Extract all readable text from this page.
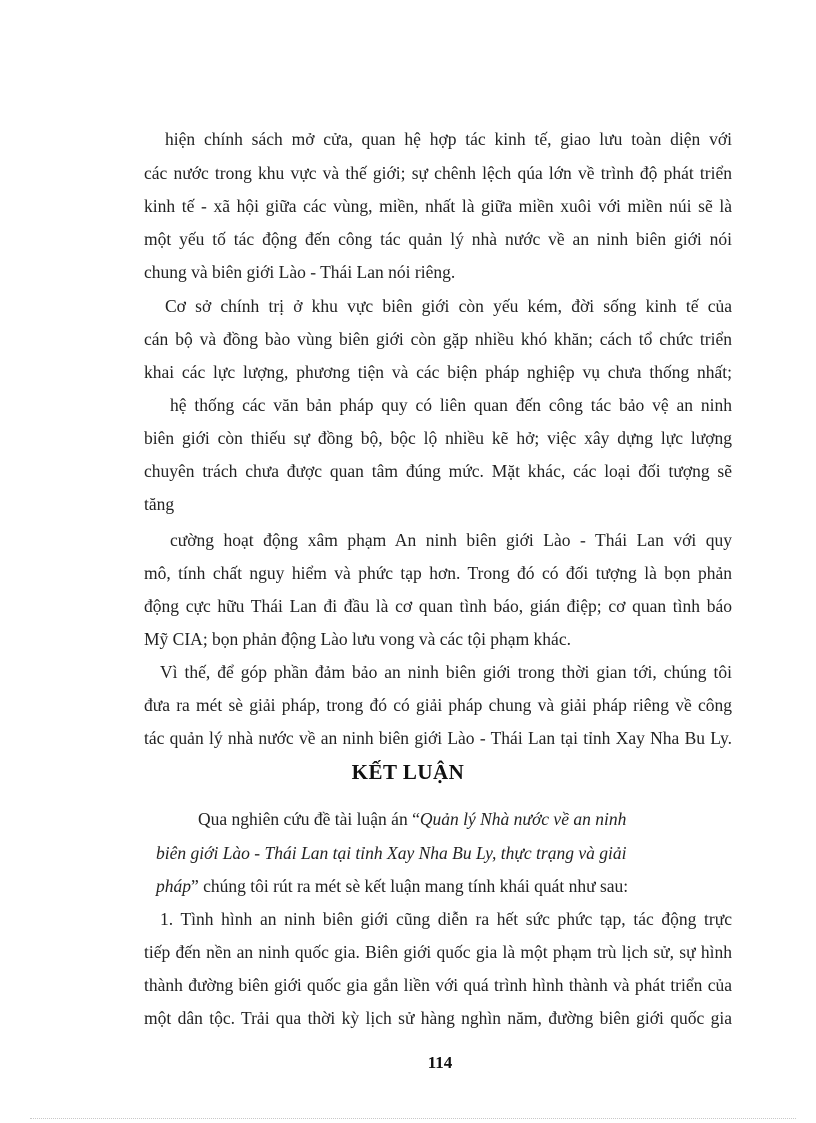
hiện chính sách mở cửa, quan hệ hợp tác kinh tế, giao lưu toàn diện với
các nước trong khu vực và thế giới; sự chênh lệch qúa lớn về trình độ phát triển
kinh tế - xã hội giữa các vùng, miền, nhất là giữa miền xuôi với miền núi sẽ là
một yếu tố tác động đến công tác quản lý nhà nước về an ninh biên giới nói
chung và biên giới Lào - Thái Lan nói riêng.
Cơ sở chính trị ở khu vực biên giới còn yếu kém, đời sống kinh tế của
cán bộ và đồng bào vùng biên giới còn gặp nhiều khó khăn; cách tổ chức triển
khai các lực lượng, phương tiện và các biện pháp nghiệp vụ chưa thống nhất;
hệ thống các văn bản pháp quy có liên quan đến công tác bảo vệ an ninh
biên giới còn thiếu sự đồng bộ, bộc lộ nhiều kẽ hở; việc xây dựng lực lượng
chuyên trách chưa được quan tâm đúng mức. Mặt khác, các loại đối tượng sẽ
tăng
cường hoạt động xâm phạm An ninh biên giới Lào - Thái Lan với quy
mô, tính chất nguy hiểm và phức tạp hơn. Trong đó có đối tượng là bọn phản
động cực hữu Thái Lan đi đầu là cơ quan tình báo, gián điệp; cơ quan tình báo
Mỹ CIA; bọn phản động Lào lưu vong và các tội phạm khác.
Vì thế, để góp phần đảm bảo an ninh biên giới trong thời gian tới, chúng tôi
đưa ra mét sè giải pháp, trong đó có giải pháp chung và giải pháp riêng về công
tác quản lý nhà nước về an ninh biên giới Lào - Thái Lan tại tỉnh Xay Nha Bu Ly.
KẾT LUẬN
Qua nghiên cứu đề tài luận án “Quản lý Nhà nước về an ninh
biên giới Lào - Thái Lan tại tỉnh Xay Nha Bu Ly, thực trạng và giải
pháp” chúng tôi rút ra mét sè kết luận mang tính khái quát như sau:
1. Tình hình an ninh biên giới cũng diễn ra hết sức phức tạp, tác động trực
tiếp đến nền an ninh quốc gia. Biên giới quốc gia là một phạm trù lịch sử, sự hình
thành đường biên giới quốc gia gắn liền với quá trình hình thành và phát triển của
một dân tộc. Trải qua thời kỳ lịch sử hàng nghìn năm, đường biên giới quốc gia
114
